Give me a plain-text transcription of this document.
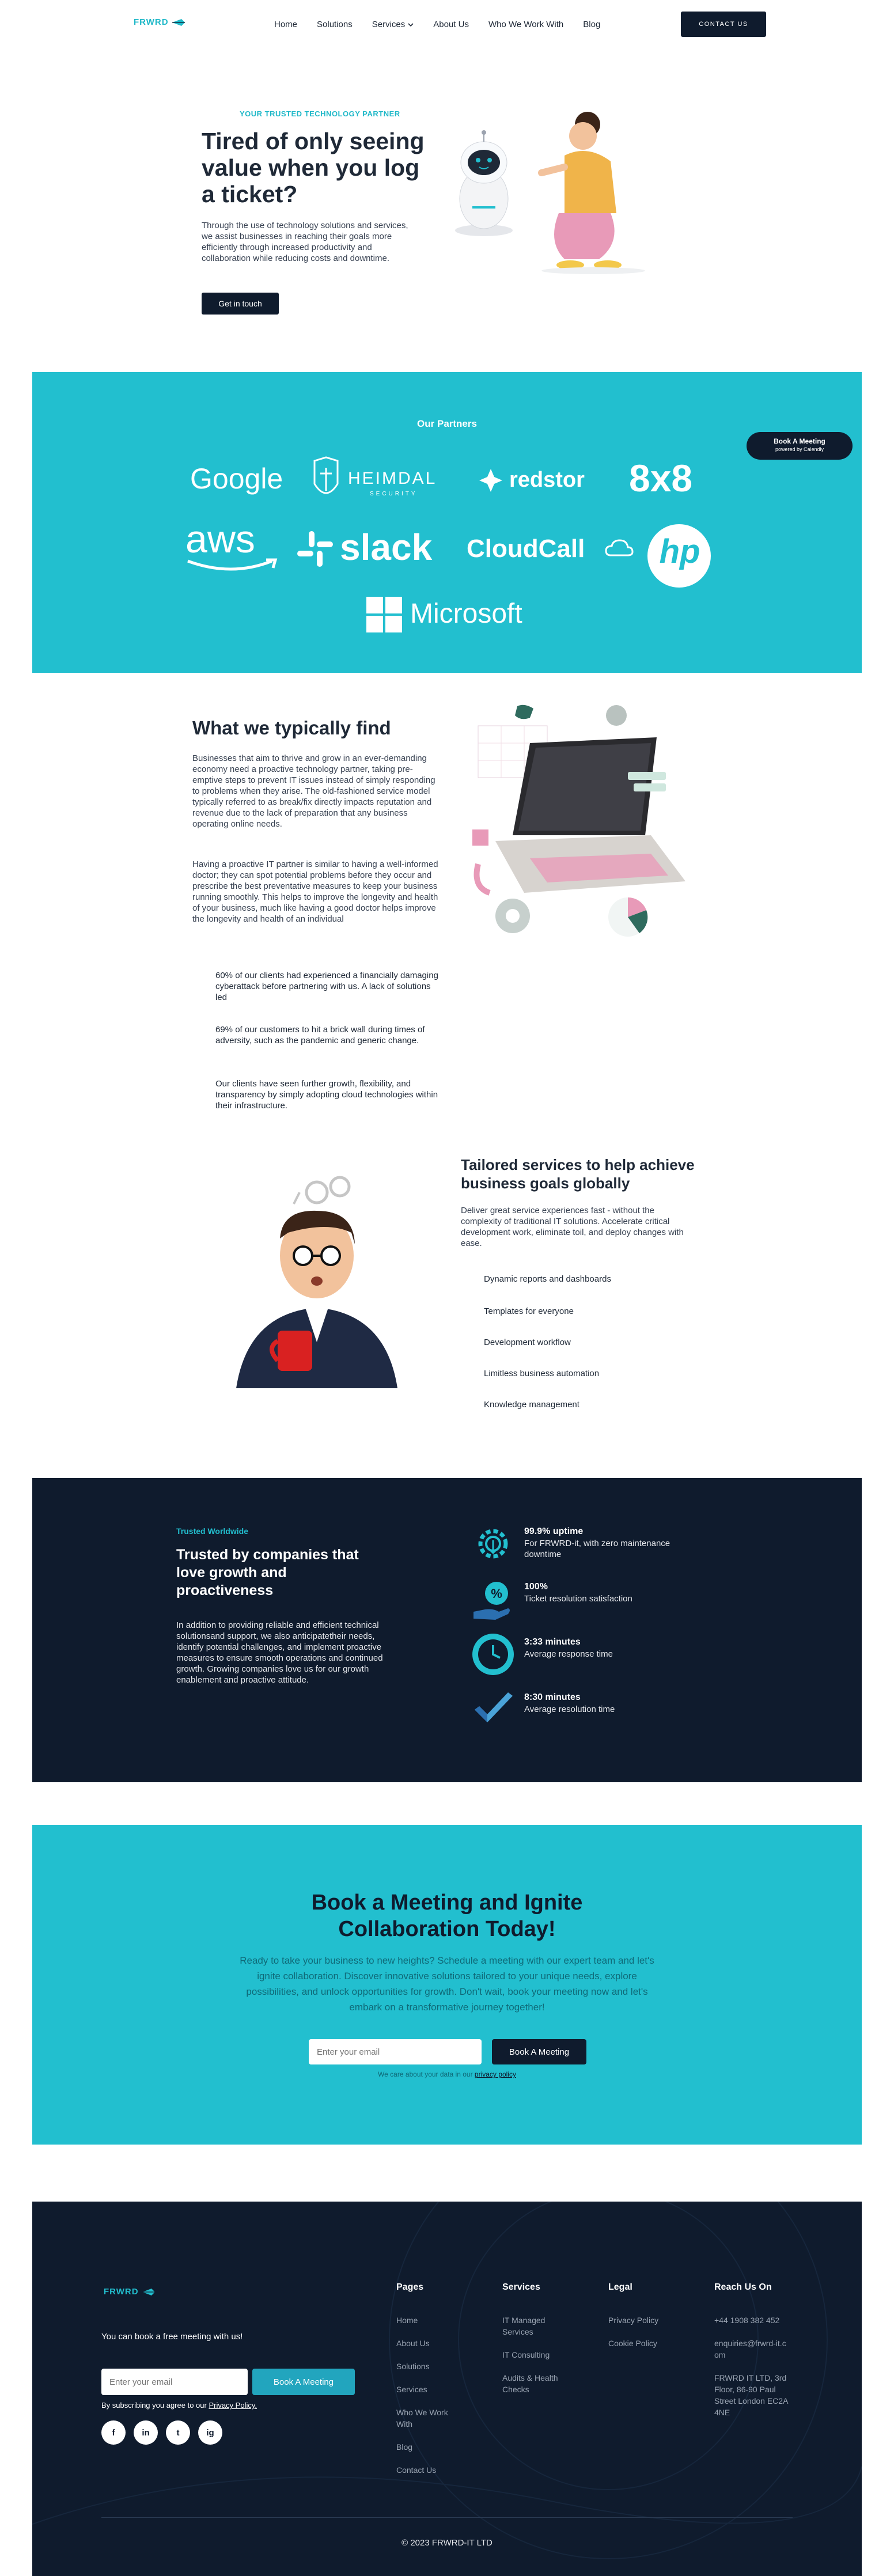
FRWRD	Home Solutions Services	About Us Who We Work With Blog	CONTACT US
YOUR TRUSTED TECHNOLOGY PARTNER
Tired of only seeing value when you log a ticket?

Through the use of technology solutions and services, we assist businesses in reaching their goals more efficiently through increased productivity and collaboration while reducing costs and downtime.

Get in touch
Our Partners
Book A Meeting
powered by Calendly
Google	HEIMDAL
SECURITY
redstor 8x8
aws slack CloudCall hp
Microsoft
What we typically find

Businesses that aim to thrive and grow in an ever-demanding economy need a proactive technology partner, taking pre-emptive steps to prevent IT issues instead of simply responding to problems when they arise. The old-fashioned service model typically referred to as break/fix directly impacts reputation and revenue due to the lack of preparation that any business operating online needs.

Having a proactive IT partner is similar to having a well-informed doctor; they can spot potential problems before they occur and prescribe the best preventative measures to keep your business running smoothly. This helps to improve the longevity and health of your business, much like having a good doctor helps improve the longevity and health of an individual

60% of our clients had experienced a financially damaging cyberattack before partnering with us. A lack of solutions led

69% of our customers to hit a brick wall during times of adversity, such as the pandemic and generic change.

Our clients have seen further growth, flexibility, and transparency by simply adopting cloud technologies within their infrastructure.

Tailored services to help achieve business goals globally

Deliver great service experiences fast - without the complexity of traditional IT solutions. Accelerate critical development work, eliminate toil, and deploy changes with ease.

Dynamic reports and dashboards
Templates for everyone
Development workflow
Limitless business automation
Knowledge management
Trusted Worldwide
Trusted by companies that love growth and proactiveness

In addition to providing reliable and efficient technical solutionsand support, we also anticipatetheir needs, identify potential challenges, and implement proactive measures to ensure smooth operations and continued growth. Growing companies love us for our growth enablement and proactive attitude.

99.9% uptime
For FRWRD-it, with zero maintenance downtime
% 100%
Ticket resolution satisfaction
3:33 minutes
Average response time
8:30 minutes
Average resolution time
Book a Meeting and Ignite Collaboration Today!

Ready to take your business to new heights? Schedule a meeting with our expert team and let's ignite collaboration. Discover innovative solutions tailored to your unique needs, explore possibilities, and unlock opportunities for growth. Don't wait, book your meeting now and let's embark on a transformative journey together!

Enter your email
Book A Meeting
We care about your data in our privacy policy
FRWRD
You can book a free meeting with us!
Enter your email
Book A Meeting
By subscribing you agree to our Privacy Policy.
f	in	t	ig
Pages
Home
About Us
Solutions
Services
Who We Work With
Blog
Contact Us
Services
IT Managed Services
IT Consulting
Audits & Health Checks
Legal
Privacy Policy
Cookie Policy
Reach Us On
+44 1908 382 452
enquiries@frwrd-it.com
FRWRD IT LTD, 3rd Floor, 86-90 Paul Street London EC2A 4NE
© 2023 FRWRD-IT LTD
